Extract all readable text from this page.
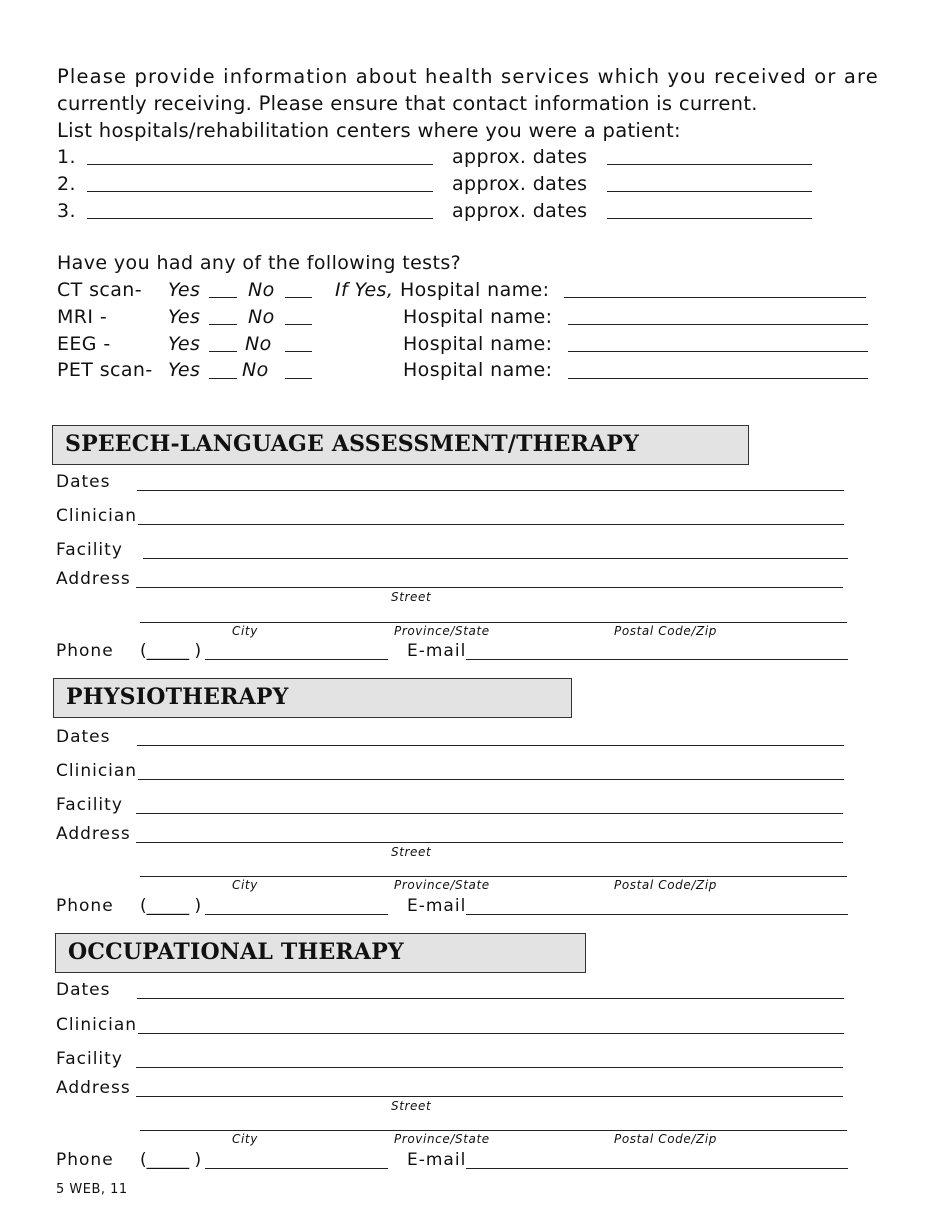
Please provide information about health services which you received or are
currently receiving. Please ensure that contact information is current.
List hospitals/rehabilitation centers where you were a patient:
1.	approx. dates
2.	approx. dates
3.	approx. dates
Have you had any of the following tests?
CT scan- Yes	No	If Yes, Hospital name:
MRI -	Yes	No	Hospital name:
EEG -	Yes No	Hospital name:
PET scan- Yes No	Hospital name:
SPEECH-LANGUAGE ASSESSMENT/THERAPY
Dates
Clinician
Facility
Address
Street
City	Province/State	Postal Code/Zip
Phone (_____ )	E-mail
PHYSIOTHERAPY
Dates
Clinician
Facility
Address
Street
City	Province/State	Postal Code/Zip
Phone (_____ )	E-mail
OCCUPATIONAL THERAPY
Dates
Clinician
Facility
Address
Street
City	Province/State	Postal Code/Zip
Phone (_____ )	E-mail
5 WEB, 11
